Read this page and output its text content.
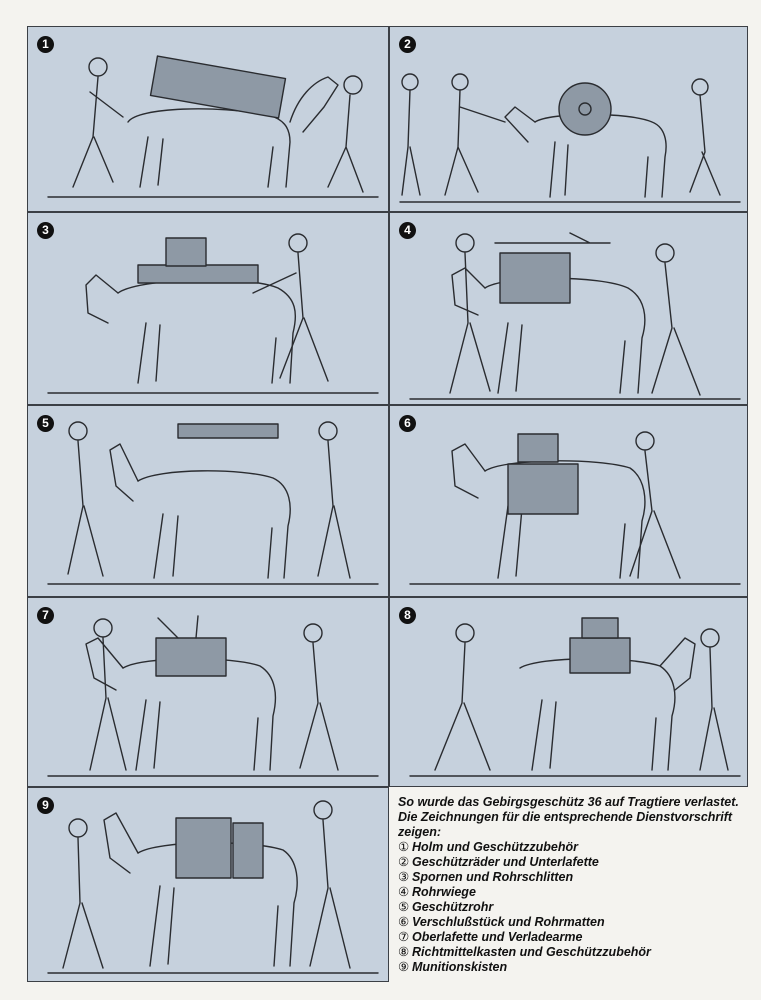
1	2
3	4
5	6
7	8
9	So wurde das Gebirgsgeschütz 36 auf Tragtiere verlastet.
Die Zeichnungen für die entsprechende Dienstvorschrift
zeigen:
① Holm und Geschützzubehör
② Geschützräder und Unterlafette
③ Spornen und Rohrschlitten
④ Rohrwiege
⑤ Geschützrohr
⑥ Verschlußstück und Rohrmatten
⑦ Oberlafette und Verladearme
⑧ Richtmittelkasten und Geschützzubehör
⑨ Munitionskisten
